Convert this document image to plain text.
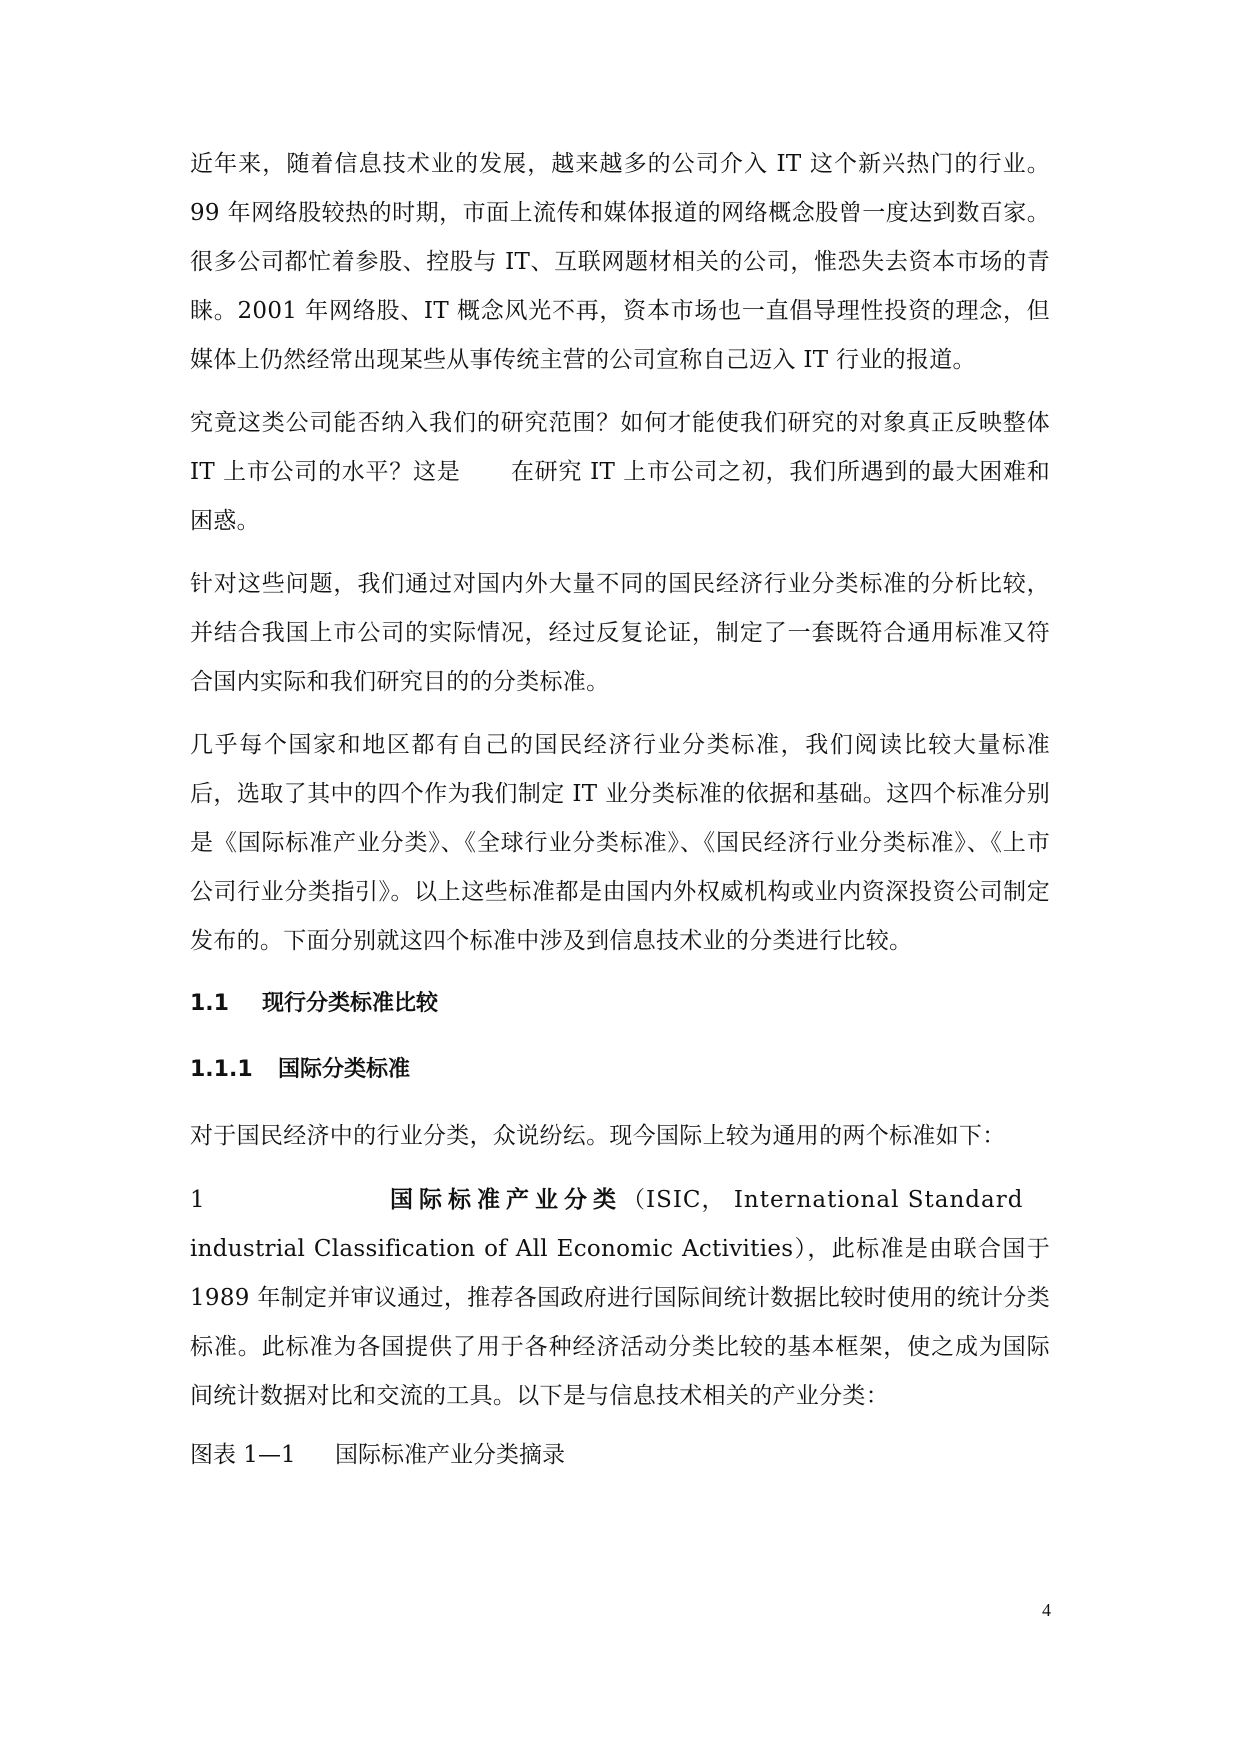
近年来，随着信息技术业的发展，越来越多的公司介入 IT 这个新兴热门的行业。99 年网络股较热的时期，市面上流传和媒体报道的网络概念股曾一度达到数百家。很多公司都忙着参股、控股与 IT、互联网题材相关的公司，惟恐失去资本市场的青睐。2001 年网络股、IT 概念风光不再，资本市场也一直倡导理性投资的理念，但媒体上仍然经常出现某些从事传统主营的公司宣称自己迈入 IT 行业的报道。

究竟这类公司能否纳入我们的研究范围？如何才能使我们研究的对象真正反映整体 IT 上市公司的水平？这是 在研究 IT 上市公司之初，我们所遇到的最大困难和困惑。

针对这些问题，我们通过对国内外大量不同的国民经济行业分类标准的分析比较，并结合我国上市公司的实际情况，经过反复论证，制定了一套既符合通用标准又符合国内实际和我们研究目的的分类标准。

几乎每个国家和地区都有自己的国民经济行业分类标准，我们阅读比较大量标准后，选取了其中的四个作为我们制定 IT 业分类标准的依据和基础。这四个标准分别是《国际标准产业分类》、《全球行业分类标准》、《国民经济行业分类标准》、《上市公司行业分类指引》。以上这些标准都是由国内外权威机构或业内资深投资公司制定发布的。下面分别就这四个标准中涉及到信息技术业的分类进行比较。

1.1 现行分类标准比较
1.1.1 国际分类标准

对于国民经济中的行业分类，众说纷纭。现今国际上较为通用的两个标准如下：

1	国际标准产业分类 （ISIC， International Standard
industrial Classification of All Economic Activities），此标准是由联合国于 1989 年制定并审议通过，推荐各国政府进行国际间统计数据比较时使用的统计分类标准。此标准为各国提供了用于各种经济活动分类比较的基本框架，使之成为国际间统计数据对比和交流的工具。以下是与信息技术相关的产业分类：

图表 1—1 国际标准产业分类摘录

4
